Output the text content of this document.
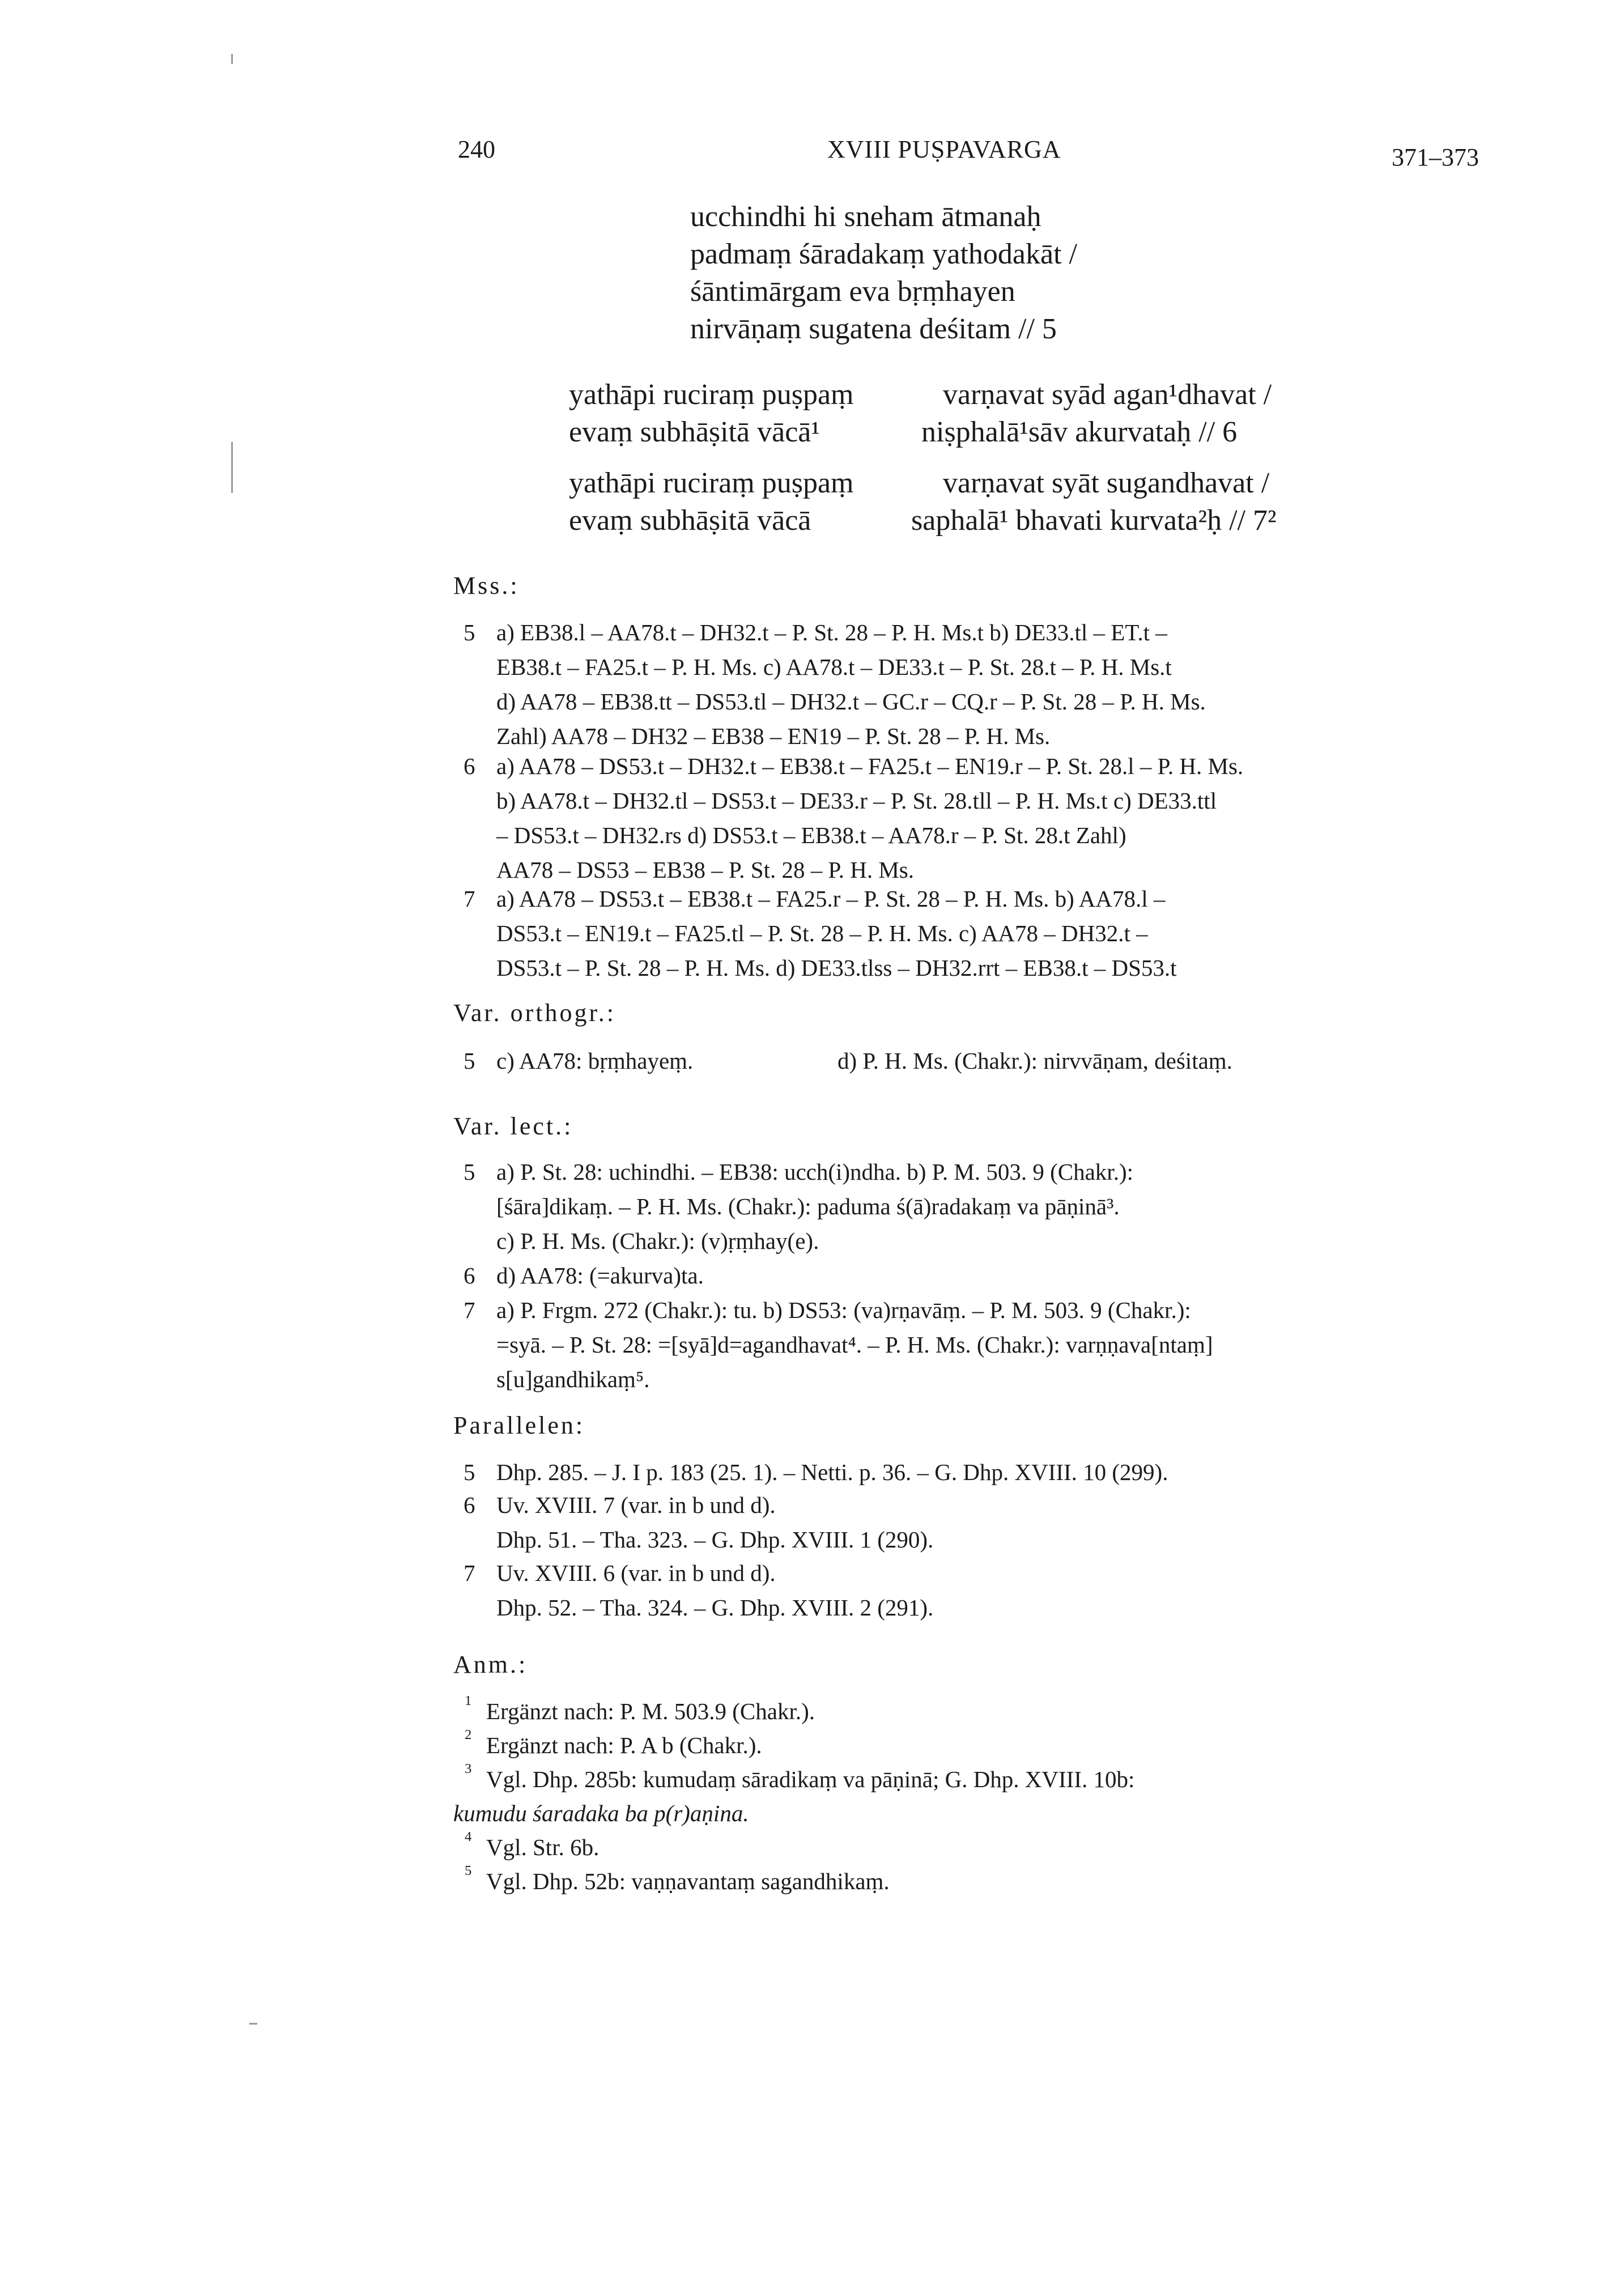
240	XVIII PUṢPAVARGA	371–373
ucchindhi hi sneham ātmanaḥ
padmaṃ śāradakaṃ yathodakāt /
śāntimārgam eva bṛṃhayen
nirvāṇaṃ sugatena deśitam // 5
yathāpi ruciraṃ puṣpaṃ	varṇavat syād agan¹dhavat /
evaṃ subhāṣitā vācā¹	niṣphalā¹sāv akurvataḥ // 6
yathāpi ruciraṃ puṣpaṃ	varṇavat syāt sugandhavat /
evaṃ subhāṣitā vācā	saphalā¹ bhavati kurvata²ḥ // 7²
Mss.:
5 a) EB38.l – AA78.t – DH32.t – P. St. 28 – P. H. Ms.t b) DE33.tl – ET.t –
EB38.t – FA25.t – P. H. Ms. c) AA78.t – DE33.t – P. St. 28.t – P. H. Ms.t
d) AA78 – EB38.tt – DS53.tl – DH32.t – GC.r – CQ.r – P. St. 28 – P. H. Ms.
Zahl) AA78 – DH32 – EB38 – EN19 – P. St. 28 – P. H. Ms.
6 a) AA78 – DS53.t – DH32.t – EB38.t – FA25.t – EN19.r – P. St. 28.l – P. H. Ms.
b) AA78.t – DH32.tl – DS53.t – DE33.r – P. St. 28.tll – P. H. Ms.t c) DE33.ttl
– DS53.t – DH32.rs d) DS53.t – EB38.t – AA78.r – P. St. 28.t Zahl)
AA78 – DS53 – EB38 – P. St. 28 – P. H. Ms.
7 a) AA78 – DS53.t – EB38.t – FA25.r – P. St. 28 – P. H. Ms. b) AA78.l –
DS53.t – EN19.t – FA25.tl – P. St. 28 – P. H. Ms. c) AA78 – DH32.t –
DS53.t – P. St. 28 – P. H. Ms. d) DE33.tlss – DH32.rrt – EB38.t – DS53.t
Var. orthogr.:
5 c) AA78: bṛṃhayeṃ.	d) P. H. Ms. (Chakr.): nirvvāṇam, deśitaṃ.
Var. lect.:
5 a) P. St. 28: uchindhi. – EB38: ucch(i)ndha. b) P. M. 503. 9 (Chakr.):
[śāra]dikaṃ. – P. H. Ms. (Chakr.): paduma ś(ā)radakaṃ va pāṇinā³.
c) P. H. Ms. (Chakr.): (v)ṛṃhay(e).
6 d) AA78: (=akurva)ta.
7 a) P. Frgm. 272 (Chakr.): tu. b) DS53: (va)rṇavāṃ. – P. M. 503. 9 (Chakr.):
=syā. – P. St. 28: =[syā]d=agandhavat⁴. – P. H. Ms. (Chakr.): varṇṇava[ntaṃ]
s[u]gandhikaṃ⁵.
Parallelen:
5 Dhp. 285. – J. I p. 183 (25. 1). – Netti. p. 36. – G. Dhp. XVIII. 10 (299).
6 Uv. XVIII. 7 (var. in b und d).
Dhp. 51. – Tha. 323. – G. Dhp. XVIII. 1 (290).
7 Uv. XVIII. 6 (var. in b und d).
Dhp. 52. – Tha. 324. – G. Dhp. XVIII. 2 (291).
Anm.:
1 Ergänzt nach: P. M. 503.9 (Chakr.).
2 Ergänzt nach: P. A b (Chakr.).
3 Vgl. Dhp. 285b: kumudaṃ sāradikaṃ va pāṇinā; G. Dhp. XVIII. 10b:
kumudu śaradaka ba p(r)aṇina.
4 Vgl. Str. 6b.
5 Vgl. Dhp. 52b: vaṇṇavantaṃ sagandhikaṃ.
